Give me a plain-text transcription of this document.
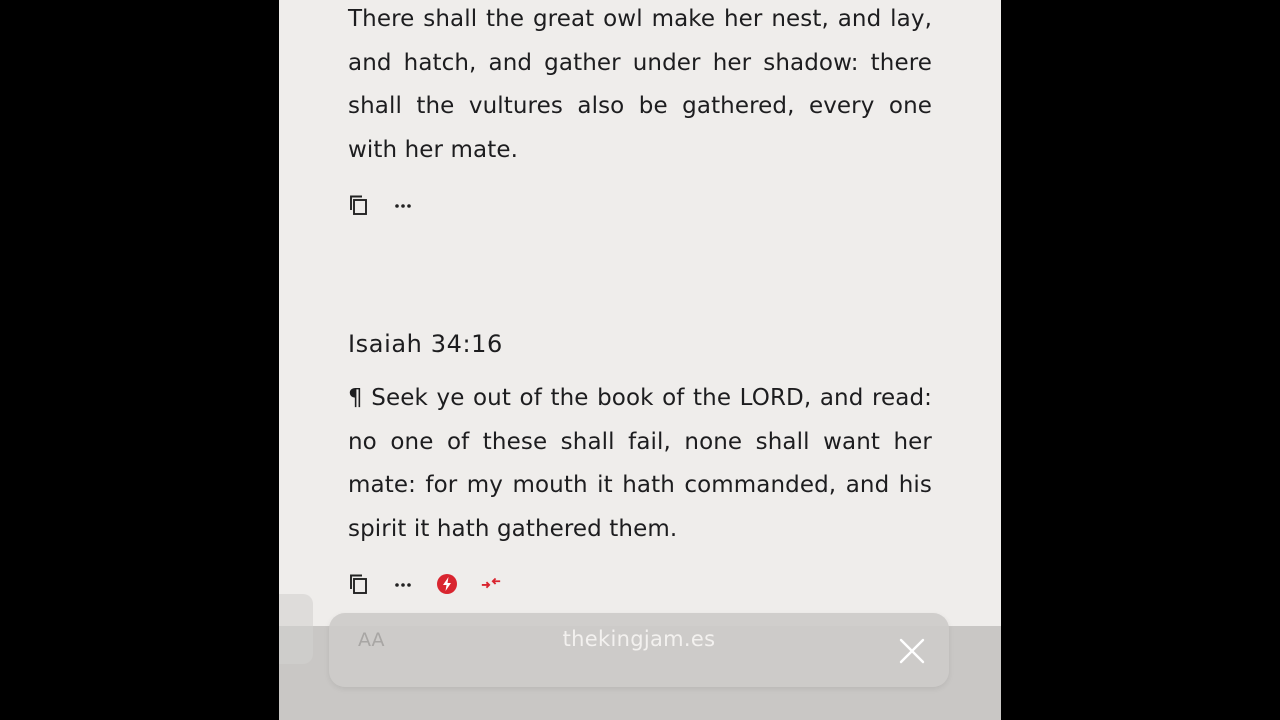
There shall the great owl make her nest, and lay, and hatch, and gather under her shadow: there shall the vultures also be gathered, every one with her mate.

Isaiah 34:16

¶ Seek ye out of the book of the LORD, and read: no one of these shall fail, none shall want her mate: for my mouth it hath commanded, and his spirit it hath gathered them.

AA	thekingjam.es
